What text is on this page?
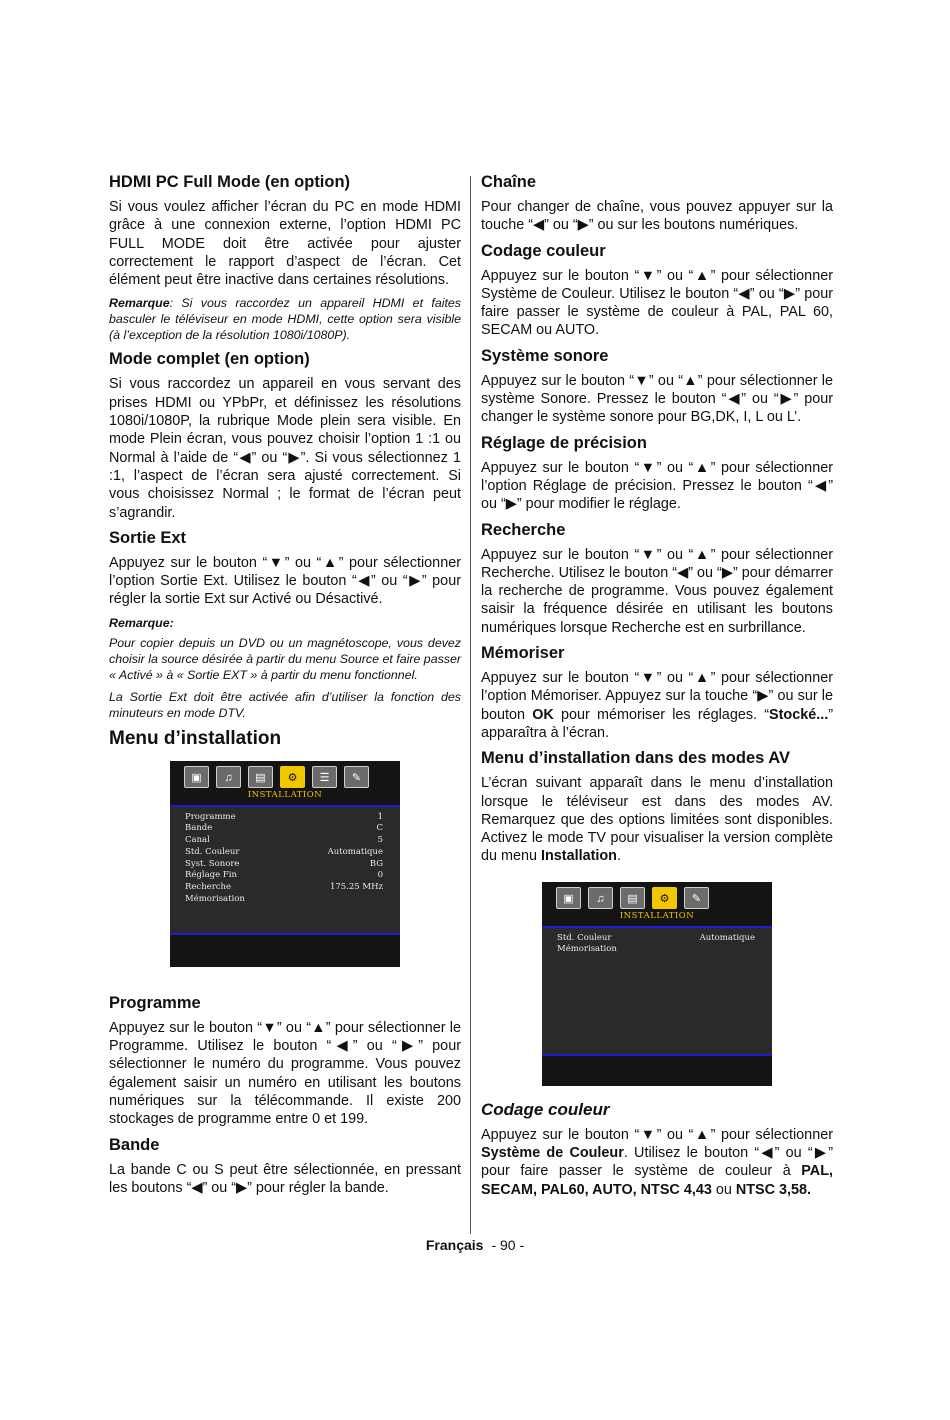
HDMI PC Full Mode (en option)

Si vous voulez afficher l’écran du PC en mode HDMI grâce à une connexion externe, l’option HDMI PC FULL MODE doit être activée pour ajuster correctement le rapport d’aspect de l’écran. Cet élément peut être inactive dans certaines résolutions.

Remarque: Si vous raccordez un appareil HDMI et faites basculer le téléviseur en mode HDMI, cette option sera visible (à l’exception de la résolution 1080i/1080P).

Mode complet (en option)

Si vous raccordez un appareil en vous servant des prises HDMI ou YPbPr, et définissez les résolutions 1080i/1080P, la rubrique Mode plein sera visible. En mode Plein écran, vous pouvez choisir l’option 1 :1 ou Normal à l’aide de “◀” ou “▶”. Si vous sélectionnez 1 :1, l’aspect de l’écran sera ajusté correctement. Si vous choisissez Normal ; le format de l’écran peut s’agrandir.

Sortie Ext

Appuyez sur le bouton “▼” ou “▲” pour sélectionner l’option Sortie Ext. Utilisez le bouton “◀” ou “▶” pour régler la sortie Ext sur Activé ou Désactivé.

Remarque:

Pour copier depuis un DVD ou un magnétoscope, vous devez choisir la source désirée à partir du menu Source et faire passer « Activé » à « Sortie EXT » à partir du menu fonctionnel.

La Sortie Ext doit être activée afin d’utiliser la fonction des minuteurs en mode DTV.

Menu d’installation
▣	♫	▤	⚙	☰	✎
INSTALLATION
Programme	1
Bande	C
Canal	5
Std. Couleur	Automatique
Syst. Sonore	BG
Réglage Fin	0
Recherche	175.25 MHz
Mémorisation
Programme

Appuyez sur le bouton “▼” ou “▲” pour sélectionner le Programme. Utilisez le bouton “◀” ou “▶” pour sélectionner le numéro du programme. Vous pouvez également saisir un numéro en utilisant les boutons numériques sur la télécommande. Il existe 200 stockages de programme entre 0 et 199.

Bande

La bande C ou S peut être sélectionnée, en pressant les boutons “◀” ou “▶” pour régler la bande.

Chaîne

Pour changer de chaîne, vous pouvez appuyer sur la touche “◀” ou “▶” ou sur les boutons numériques.

Codage couleur

Appuyez sur le bouton “▼” ou “▲” pour sélectionner Système de Couleur. Utilisez le bouton “◀” ou “▶” pour faire passer le système de couleur à PAL, PAL 60, SECAM ou AUTO.

Système sonore

Appuyez sur le bouton “▼” ou “▲” pour sélectionner le système Sonore. Pressez le bouton “◀” ou “▶” pour changer le système sonore pour BG,DK, I, L ou L’.

Réglage de précision

Appuyez sur le bouton “▼” ou “▲” pour sélectionner l’option Réglage de précision. Pressez le bouton “◀” ou “▶” pour modifier le réglage.

Recherche

Appuyez sur le bouton “▼” ou “▲” pour sélectionner Recherche. Utilisez le bouton “◀” ou “▶” pour démarrer la recherche de programme. Vous pouvez également saisir la fréquence désirée en utilisant les boutons numériques lorsque Recherche est en surbrillance.

Mémoriser

Appuyez sur le bouton “▼” ou “▲” pour sélectionner l’option Mémoriser. Appuyez sur la touche “▶” ou sur le bouton OK pour mémoriser les réglages. “Stocké...” apparaîtra à l’écran.

Menu d’installation dans des modes AV

L’écran suivant apparaît dans le menu d’installation lorsque le téléviseur est dans des modes AV. Remarquez que des options limitées sont disponibles. Activez le mode TV pour visualiser la version complète du menu Installation.

▣	♫	▤	⚙	✎
INSTALLATION
Std. Couleur	Automatique
Mémorisation
Codage couleur

Appuyez sur le bouton “▼” ou “▲” pour sélectionner Système de Couleur. Utilisez le bouton “◀” ou “▶” pour faire passer le système de couleur à PAL, SECAM, PAL60, AUTO, NTSC 4,43 ou NTSC 3,58.

Français - 90 -
